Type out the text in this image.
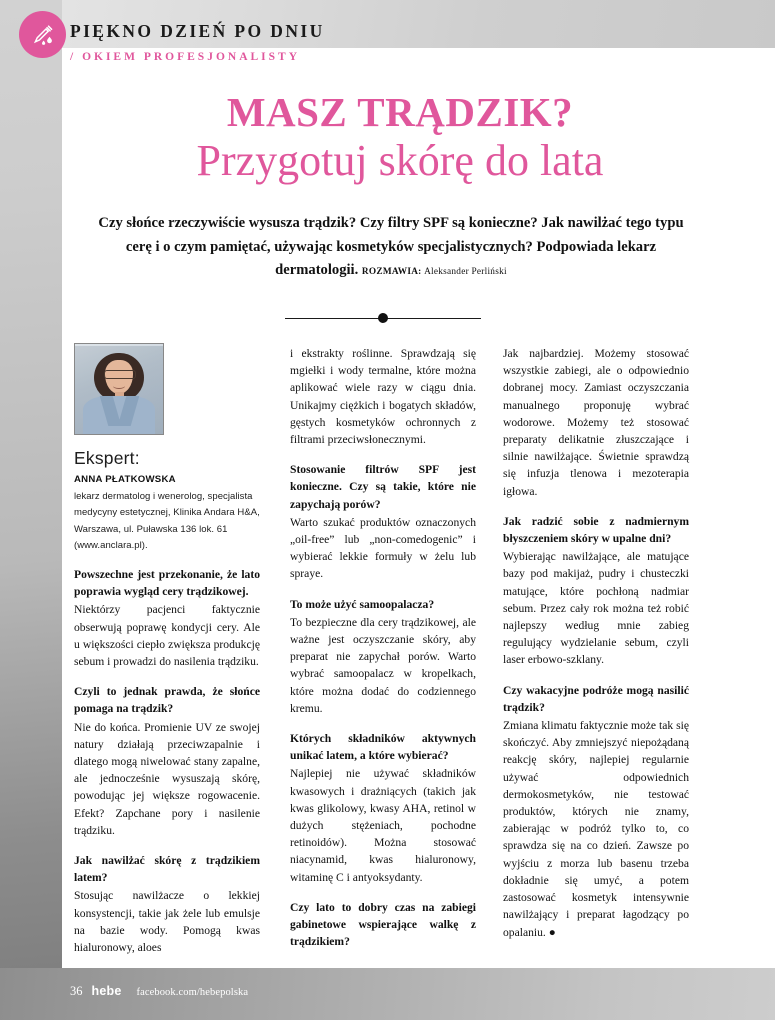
PIĘKNO DZIEŃ PO DNIU
/ OKIEM PROFESJONALISTY
MASZ TRĄDZIK?
Przygotuj skórę do lata
Czy słońce rzeczywiście wysusza trądzik? Czy filtry SPF są konieczne? Jak nawilżać tego typu cerę i o czym pamiętać, używając kosmetyków specjalistycznych? Podpowiada lekarz dermatologii. ROZMAWIA: Aleksander Perliński
Ekspert:
ANNA PŁATKOWSKA
lekarz dermatolog i wenerolog, specjalista medycyny estetycznej, Klinika Andara H&A, Warszawa, ul. Puławska 136 lok. 61 (www.anclara.pl).

Powszechne jest przekonanie, że lato poprawia wygląd cery trądzikowej.

Niektórzy pacjenci faktycznie obserwują poprawę kondycji cery. Ale u większości ciepło zwiększa produkcję sebum i prowadzi do nasilenia trądziku.

Czyli to jednak prawda, że słońce pomaga na trądzik?

Nie do końca. Promienie UV ze swojej natury działają przeciwzapalnie i dlatego mogą niwelować stany zapalne, ale jednocześnie wysuszają skórę, powodując jej większe rogowacenie. Efekt? Zapchane pory i nasilenie trądziku.

Jak nawilżać skórę z trądzikiem latem?

Stosując nawilżacze o lekkiej konsystencji, takie jak żele lub emulsje na bazie wody. Pomogą kwas hialuronowy, aloes

i ekstrakty roślinne. Sprawdzają się mgiełki i wody termalne, które można aplikować wiele razy w ciągu dnia. Unikajmy ciężkich i bogatych składów, gęstych kosmetyków ochronnych z filtrami przeciwsłonecznymi.

Stosowanie filtrów SPF jest konieczne. Czy są takie, które nie zapychają porów?

Warto szukać produktów oznaczonych „oil-free” lub „non-comedogenic” i wybierać lekkie formuły w żelu lub spraye.

To może użyć samoopalacza?

To bezpieczne dla cery trądzikowej, ale ważne jest oczyszczanie skóry, aby preparat nie zapychał porów. Warto wybrać samoopalacz w kropelkach, które można dodać do codziennego kremu.

Których składników aktywnych unikać latem, a które wybierać?

Najlepiej nie używać składników kwasowych i drażniących (takich jak kwas glikolowy, kwasy AHA, retinol w dużych stężeniach, pochodne retinoidów). Można stosować niacynamid, kwas hialuronowy, witaminę C i antyoksydanty.

Czy lato to dobry czas na zabiegi gabinetowe wspierające walkę z trądzikiem?

Jak najbardziej. Możemy stosować wszystkie zabiegi, ale o odpowiednio dobranej mocy. Zamiast oczyszczania manualnego proponuję wybrać wodorowe. Możemy też stosować preparaty delikatnie złuszczające i silnie nawilżające. Świetnie sprawdzą się infuzja tlenowa i mezoterapia igłowa.

Jak radzić sobie z nadmiernym błyszczeniem skóry w upalne dni?

Wybierając nawilżające, ale matujące bazy pod makijaż, pudry i chusteczki matujące, które pochłoną nadmiar sebum. Przez cały rok można też robić najlepszy według mnie zabieg regulujący wydzielanie sebum, czyli laser erbowo-szklany.

Czy wakacyjne podróże mogą nasilić trądzik?

Zmiana klimatu faktycznie może tak się skończyć. Aby zmniejszyć niepożądaną reakcję skóry, najlepiej regularnie używać odpowiednich dermokosmetyków, nie testować produktów, których nie znamy, zabierając w podróż tylko to, co sprawdza się na co dzień. Zawsze po wyjściu z morza lub basenu trzeba dokładnie się umyć, a potem zastosować kosmetyk intensywnie nawilżający i preparat łagodzący po opalaniu. ●

36 hebe facebook.com/hebepolska
